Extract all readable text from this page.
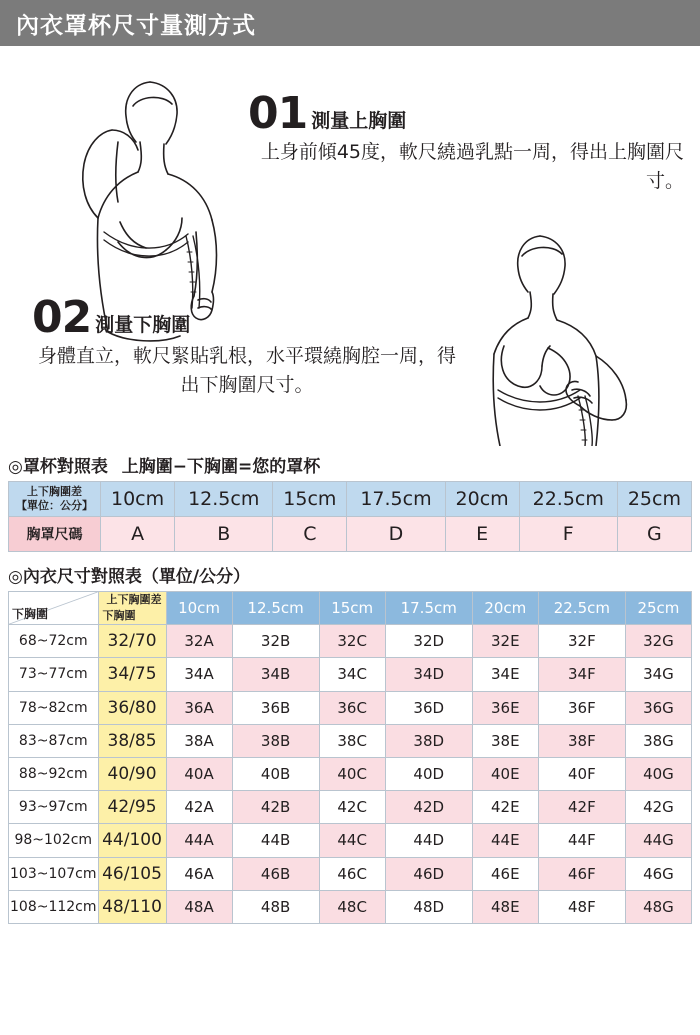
內衣罩杯尺寸量測方式
01 測量上胸圍
上身前傾45度，軟尺繞過乳點一周，得出上胸圍尺寸。
02 測量下胸圍
身體直立，軟尺緊貼乳根，水平環繞胸腔一周，得出下胸圍尺寸。
◎罩杯對照表 上胸圍−下胸圍=您的罩杯
上下胸圍差
【單位：公分】	10cm	12.5cm	15cm	17.5cm	20cm	22.5cm	25cm
胸罩尺碼	A	B	C	D	E	F	G
◎內衣尺寸對照表（單位/公分）
下胸圍	上下胸圍差
下胸圍	10cm	12.5cm	15cm	17.5cm	20cm	22.5cm	25cm
68~72cm	32/70	32A	32B	32C	32D	32E	32F	32G
73~77cm	34/75	34A	34B	34C	34D	34E	34F	34G
78~82cm	36/80	36A	36B	36C	36D	36E	36F	36G
83~87cm	38/85	38A	38B	38C	38D	38E	38F	38G
88~92cm	40/90	40A	40B	40C	40D	40E	40F	40G
93~97cm	42/95	42A	42B	42C	42D	42E	42F	42G
98~102cm	44/100	44A	44B	44C	44D	44E	44F	44G
103~107cm	46/105	46A	46B	46C	46D	46E	46F	46G
108~112cm	48/110	48A	48B	48C	48D	48E	48F	48G
